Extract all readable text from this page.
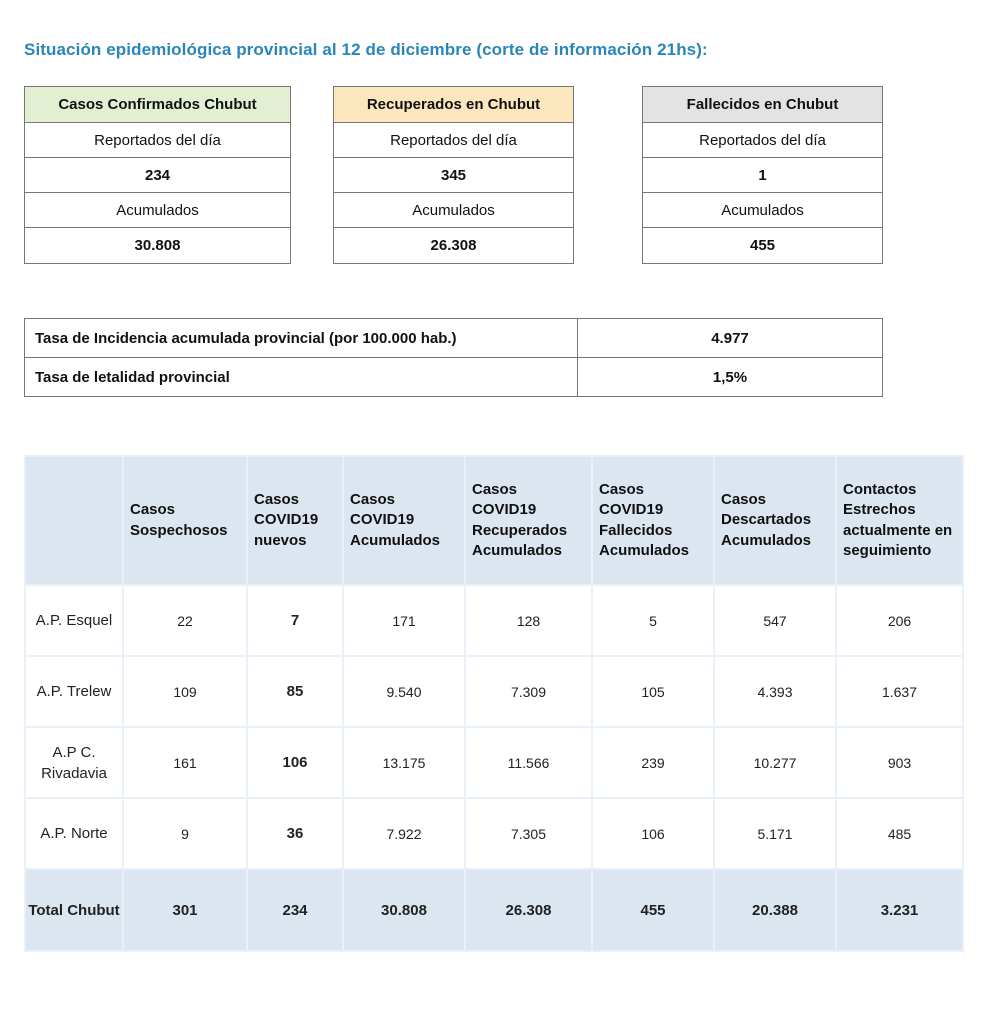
Situación epidemiológica provincial al 12 de diciembre (corte de información 21hs):
Casos Confirmados Chubut
Reportados del día
234
Acumulados
30.808
Recuperados en Chubut
Reportados del día
345
Acumulados
26.308
Fallecidos en Chubut
Reportados del día
1
Acumulados
455
Tasa de Incidencia acumulada provincial (por 100.000 hab.)	4.977
Tasa de letalidad provincial	1,5%
	Casos Sospechosos	Casos COVID19 nuevos	Casos COVID19 Acumulados	Casos COVID19 Recuperados Acumulados	Casos COVID19 Fallecidos Acumulados	Casos Descartados Acumulados	Contactos Estrechos actualmente en seguimiento
A.P. Esquel	22	7	171	128	5	547	206
A.P. Trelew	109	85	9.540	7.309	105	4.393	1.637
A.P C. Rivadavia	161	106	13.175	11.566	239	10.277	903
A.P. Norte	9	36	7.922	7.305	106	5.171	485
Total Chubut	301	234	30.808	26.308	455	20.388	3.231
